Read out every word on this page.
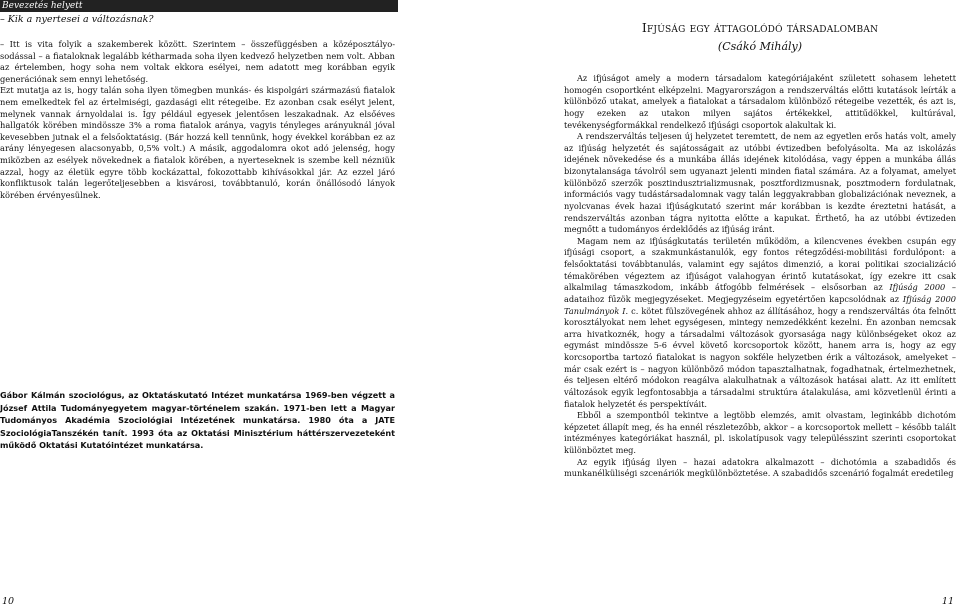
Bevezetés helyett
– Kik a nyertesei a változásnak?

– Itt is vita folyik a szakemberek között. Szerintem – összefüggésben a középosztályo-sodással – a fiataloknak legalább kétharmada soha ilyen kedvező helyzetben nem volt. Abban az értelemben, hogy soha nem voltak ekkora esélyei, nem adatott meg korábban egyik generációnak sem ennyi lehetőség.

Ezt mutatja az is, hogy talán soha ilyen tömegben munkás- és kispolgári származású fiatalok nem emelkedtek fel az értelmiségi, gazdasági elit rétegeibe. Ez azonban csak esélyt jelent, melynek vannak árnyoldalai is. Így például egyesek jelentősen leszakadnak. Az elsőéves hallgatók körében mindössze 3% a roma fiatalok aránya, vagyis tényleges arányuknál jóval kevesebben jutnak el a felsőoktatásig. (Bár hozzá kell tennünk, hogy évekkel korábban ez az arány lényegesen alacsonyabb, 0,5% volt.) A másik, aggodalomra okot adó jelenség, hogy miközben az esélyek növekednek a fiatalok körében, a nyerteseknek is szembe kell nézniük azzal, hogy az életük egyre több kockázattal, fokozottabb kihívásokkal jár. Az ezzel járó konfliktusok talán legerőteljesebben a kisvárosi, továbbtanuló, korán önállósodó lányok körében érvényesülnek.

Gábor Kálmán szociológus, az Oktatáskutató Intézet munkatársa 1969-ben végzett a József Attila Tudományegyetem magyar-történelem szakán. 1971-ben lett a Magyar Tudományos Akadémia Szociológiai Intézetének munkatársa. 1980 óta a JATE SzociológiaTanszékén tanít. 1993 óta az Oktatási Minisztérium háttérszervezeteként működő Oktatási Kutatóintézet munkatársa.
10
Ifjúság egy áttagolódó társadalomban
(Csákó Mihály)

Az ifjúságot amely a modern társadalom kategóriájaként született sohasem lehetett homogén csoportként elképzelni. Magyarországon a rendszerváltás előtti kutatások leírták a különböző utakat, amelyek a fiatalokat a társadalom különböző rétegeibe vezették, és azt is, hogy ezeken az utakon milyen sajátos értékekkel, attitűdökkel, kultúrával, tevékenységformákkal rendelkező ifjúsági csoportok alakultak ki.

A rendszerváltás teljesen új helyzetet teremtett, de nem az egyetlen erős hatás volt, amely az ifjúság helyzetét és sajátosságait az utóbbi évtizedben befolyásolta. Ma az iskolázás idejének növekedése és a munkába állás idejének kitolódása, vagy éppen a munkába állás bizonytalansága távolról sem ugyanazt jelenti minden fiatal számára. Az a folyamat, amelyet különböző szerzők posztindusztrializmusnak, posztfordizmusnak, posztmodern fordulatnak, információs vagy tudástársadalomnak vagy talán leggyakrabban globalizációnak neveznek, a nyolcvanas évek hazai ifjúságkutató szerint már korábban is kezdte éreztetni hatását, a rendszerváltás azonban tágra nyitotta előtte a kapukat. Érthető, ha az utóbbi évtizeden megnőtt a tudományos érdeklődés az ifjúság iránt.

Magam nem az ifjúságkutatás területén működöm, a kilencvenes években csupán egy ifjúsági csoport, a szakmunkástanulók, egy fontos rétegződési-mobilitási fordulópont: a felsőoktatási továbbtanulás, valamint egy sajátos dimenzió, a korai politikai szocializáció témakörében végeztem az ifjúságot valahogyan érintő kutatásokat, így ezekre itt csak alkalmilag támaszkodom, inkább átfogóbb felmérések – elsősorban az Ifjúság 2000 – adataihoz fűzök megjegyzéseket. Megjegyzéseim egyetértően kapcsolódnak az Ifjúság 2000 Tanulmányok I. c. kötet fülszövegének ahhoz az állításához, hogy a rendszerváltás óta felnőtt korosztályokat nem lehet egységesen, mintegy nemzedékként kezelni. Én azonban nemcsak arra hivatkoznék, hogy a társadalmi változások gyorsasága nagy különbségeket okoz az egymást mindössze 5-6 évvel követő korcsoportok között, hanem arra is, hogy az egy korcsoportba tartozó fiatalokat is nagyon sokféle helyzetben érik a változások, amelyeket – már csak ezért is – nagyon különböző módon tapasztalhatnak, fogadhatnak, értelmezhetnek, és teljesen eltérő módokon reagálva alakulhatnak a változások hatásai alatt. Az itt említett változások egyik legfontosabbja a társadalmi struktúra átalakulása, ami közvetlenül érinti a fiatalok helyzetét és perspektíváit.

Ebből a szempontból tekintve a legtöbb elemzés, amit olvastam, leginkább dichotóm képzetet állapít meg, és ha ennél részletezőbb, akkor – a korcsoportok mellett – később talált intézményes kategóriákat használ, pl. iskolatípusok vagy településszint szerinti csoportokat különböztet meg.

Az egyik ifjúság ilyen – hazai adatokra alkalmazott – dichotómia a szabadidős és munkanélküliségi szcenáriók megkülönböztetése. A szabadidős szcenárió fogalmát eredetileg

11
